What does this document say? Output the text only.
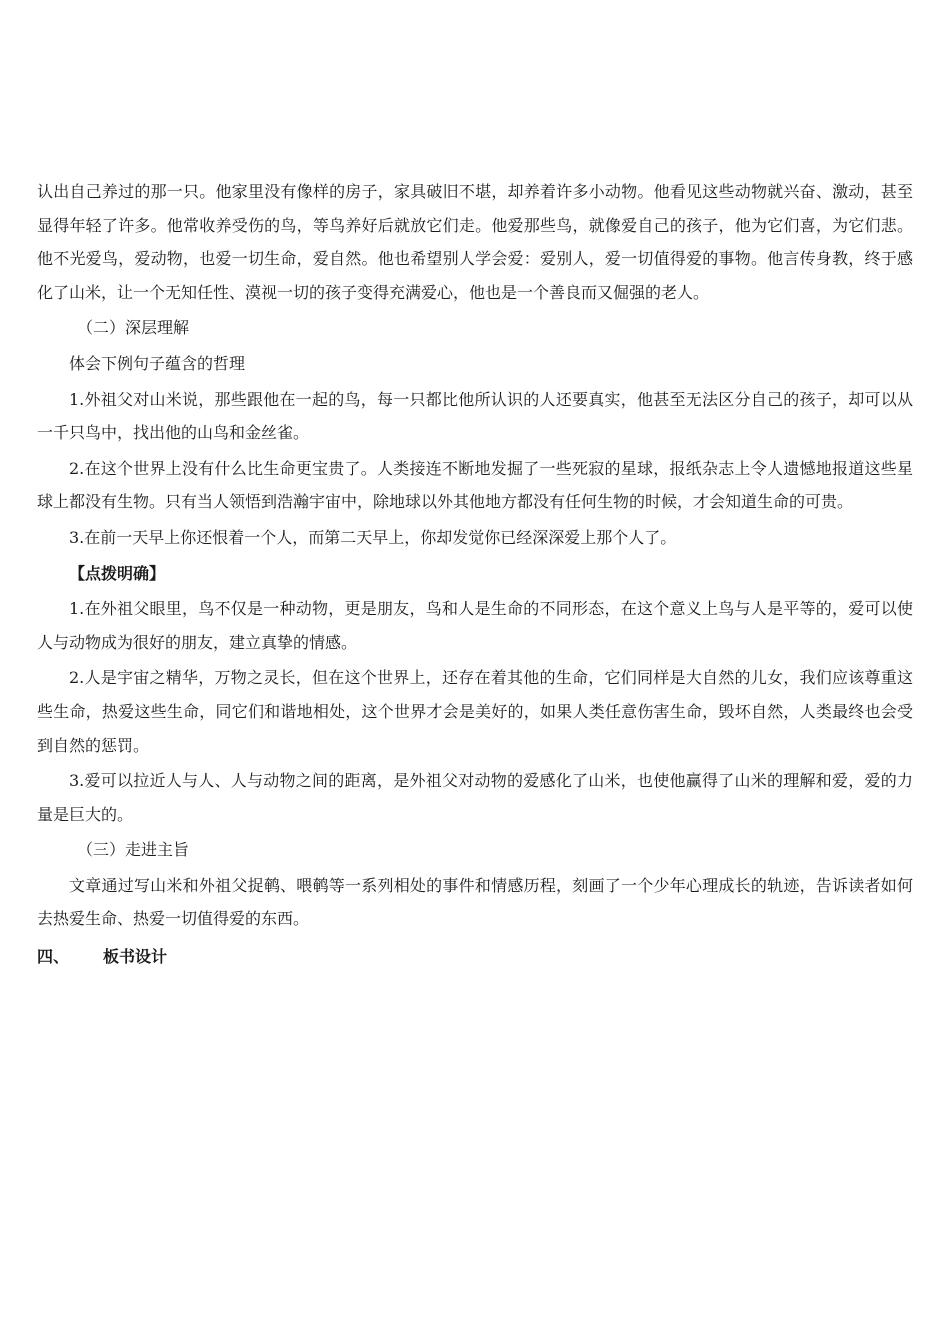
认出自己养过的那一只。他家里没有像样的房子，家具破旧不堪，却养着许多小动物。他看见这些动物就兴奋、激动，甚至显得年轻了许多。他常收养受伤的鸟，等鸟养好后就放它们走。他爱那些鸟，就像爱自己的孩子，他为它们喜，为它们悲。他不光爱鸟，爱动物，也爱一切生命，爱自然。他也希望别人学会爱：爱别人，爱一切值得爱的事物。他言传身教，终于感化了山米，让一个无知任性、漠视一切的孩子变得充满爱心，他也是一个善良而又倔强的老人。

（二）深层理解

体会下例句子蕴含的哲理

1.外祖父对山米说，那些跟他在一起的鸟，每一只都比他所认识的人还要真实，他甚至无法区分自己的孩子，却可以从一千只鸟中，找出他的山鸟和金丝雀。

2.在这个世界上没有什么比生命更宝贵了。人类接连不断地发掘了一些死寂的星球，报纸杂志上令人遗憾地报道这些星球上都没有生物。只有当人领悟到浩瀚宇宙中，除地球以外其他地方都没有任何生物的时候，才会知道生命的可贵。

3.在前一天早上你还恨着一个人，而第二天早上，你却发觉你已经深深爱上那个人了。

【点拨明确】

1.在外祖父眼里，鸟不仅是一种动物，更是朋友，鸟和人是生命的不同形态，在这个意义上鸟与人是平等的，爱可以使人与动物成为很好的朋友，建立真挚的情感。

2.人是宇宙之精华，万物之灵长，但在这个世界上，还存在着其他的生命，它们同样是大自然的儿女，我们应该尊重这些生命，热爱这些生命，同它们和谐地相处，这个世界才会是美好的，如果人类任意伤害生命，毁坏自然，人类最终也会受到自然的惩罚。

3.爱可以拉近人与人、人与动物之间的距离，是外祖父对动物的爱感化了山米，也使他赢得了山米的理解和爱，爱的力量是巨大的。

（三）走进主旨

文章通过写山米和外祖父捉鹌、喂鹌等一系列相处的事件和情感历程，刻画了一个少年心理成长的轨迹，告诉读者如何去热爱生命、热爱一切值得爱的东西。

四、 板书设计
